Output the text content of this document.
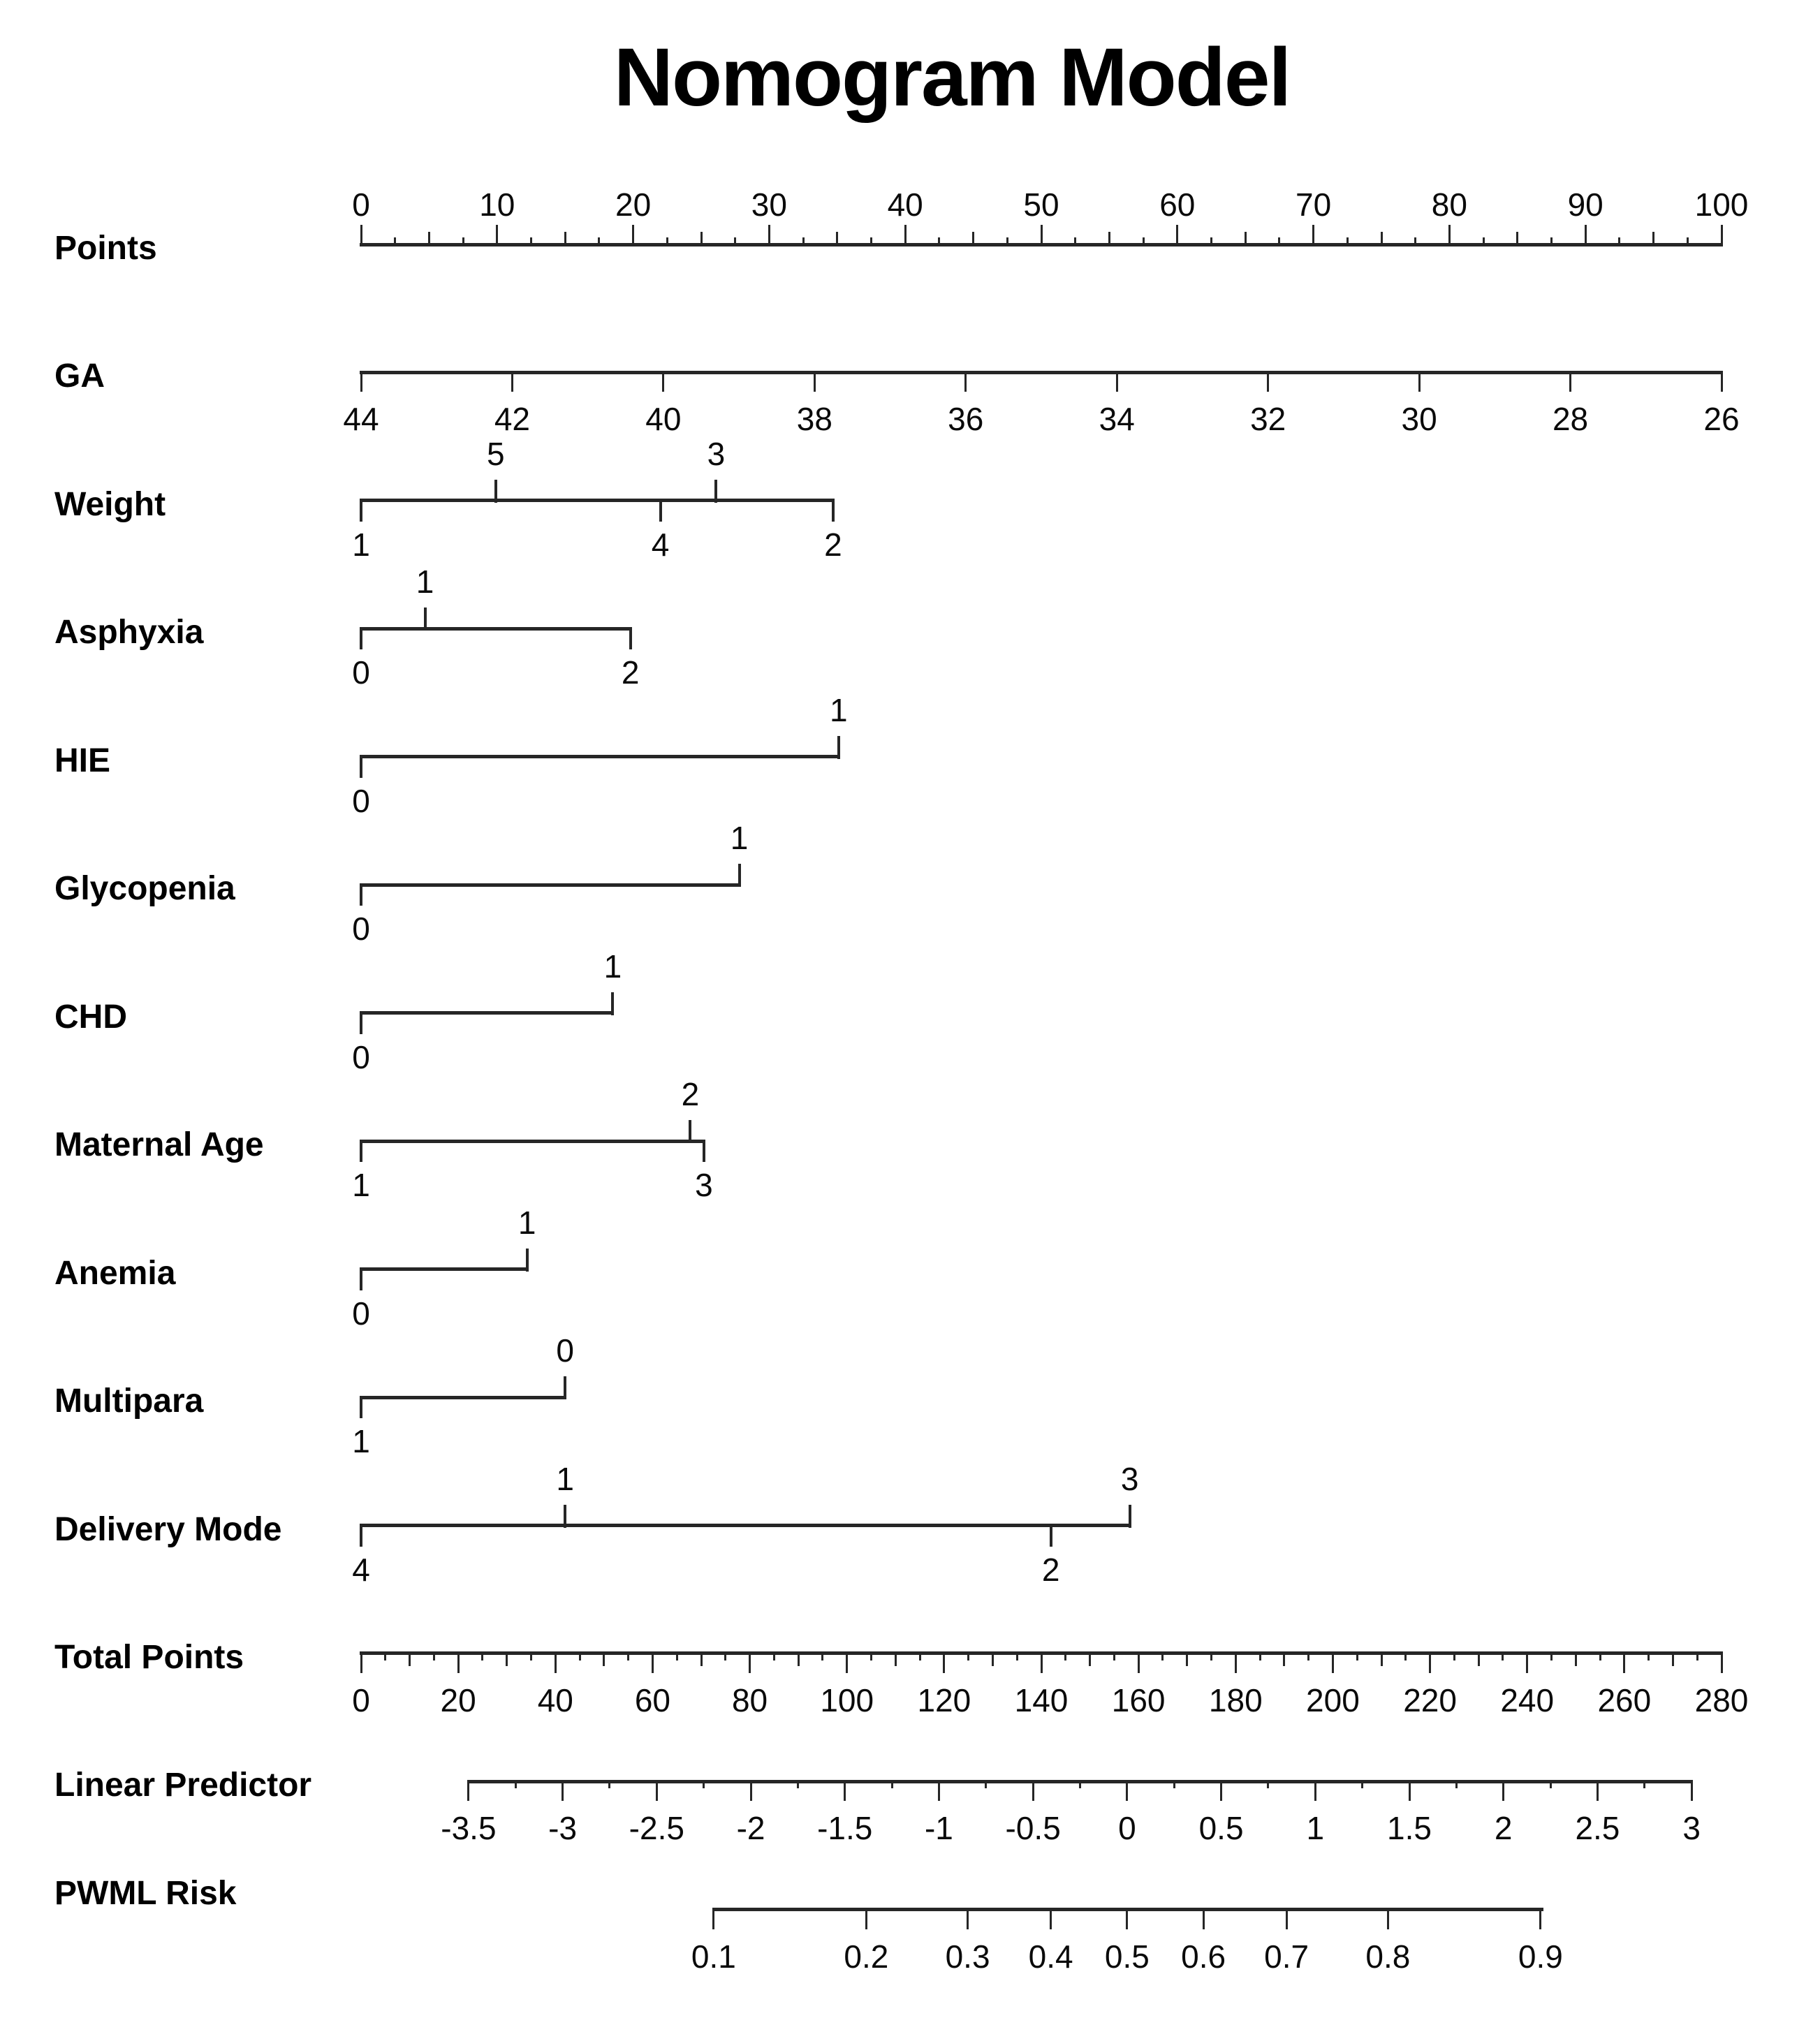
Nomogram Model
Points
0	10	20	30	40	50	60	70	80	90	100
GA
26
28
30
32
34
36
38
40
42
44
Weight
1
5
4
3
2
Asphyxia
0
1
2
HIE
0
1
Glycopenia
0
1
CHD
0
1
Maternal Age
1
2
3
Anemia
0
1
Multipara
1
0
Delivery Mode
4
1
2
3
Total Points
0 20 40 60 80 100 120 140 160 180 200 220 240 260 280
Linear Predictor
-3.5 -3 -2.5 -2 -1.5 -1 -0.5 0 0.5 1 1.5 2 2.5 3
PWML Risk
0.1	0.2 0.3 0.4 0.5 0.6 0.7 0.8	0.9
